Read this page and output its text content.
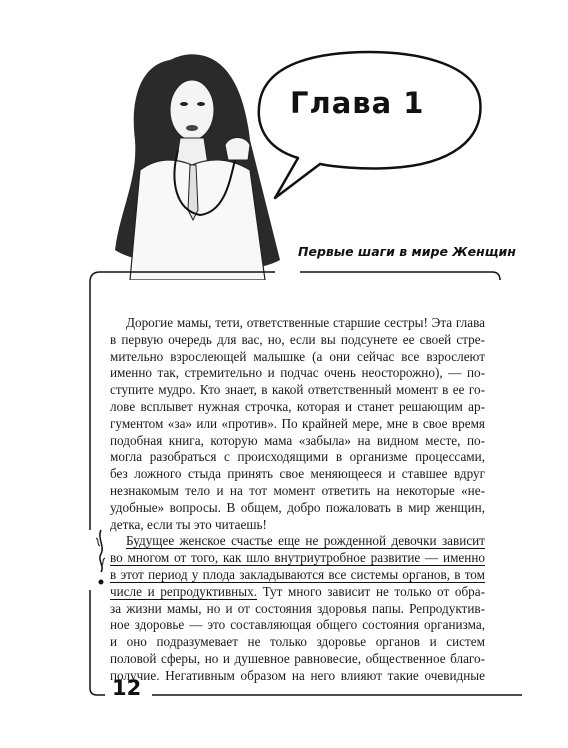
Глава 1
Первые шаги в мире Женщин

Дорогие мамы, тети, ответственные старшие сестры! Эта глава
в первую очередь для вас, но, если вы подсунете ее своей стре-
мительно взрослеющей малышке (а они сейчас все взрослеют
именно так, стремительно и подчас очень неосторожно), — по-
ступите мудро. Кто знает, в какой ответственный момент в ее го-
лове всплывет нужная строчка, которая и станет решающим ар-
гументом «за» или «против». По крайней мере, мне в свое время
подобная книга, которую мама «забыла» на видном месте, по-
могла разобраться с происходящими в организме процессами,
без ложного стыда принять свое меняющееся и ставшее вдруг
незнакомым тело и на тот момент ответить на некоторые «не-
удобные» вопросы. В общем, добро пожаловать в мир женщин,
детка, если ты это читаешь!

Будущее женское счастье еще не рожденной девочки зависит
во многом от того, как шло внутриутробное развитие — именно
в этот период у плода закладываются все системы органов, в том
числе и репродуктивных. Тут много зависит не только от обра-
за жизни мамы, но и от состояния здоровья папы. Репродуктив-
ное здоровье — это составляющая общего состояния организма,
и оно подразумевает не только здоровье органов и систем
половой сферы, но и душевное равновесие, общественное благо-
получие. Негативным образом на него влияют такие очевидные

12
